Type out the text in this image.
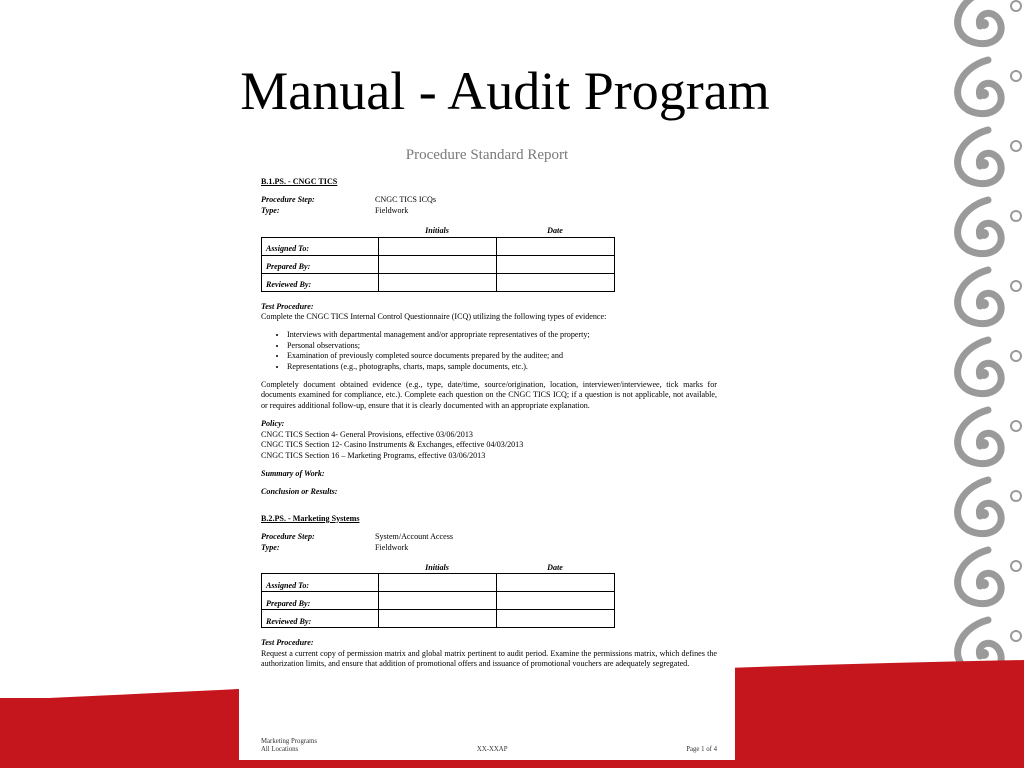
Manual - Audit Program
Procedure Standard Report
B.1.PS. - CNGC TICS
Procedure Step:	CNGC TICS ICQs
Type:	Fieldwork
Initials	Date
Assigned To:		
Prepared By:		
Reviewed By:		
Test Procedure:
Complete the CNGC TICS Internal Control Questionnaire (ICQ) utilizing the following types of evidence:
• Interviews with departmental management and/or appropriate representatives of the property;
• Personal observations;
• Examination of previously completed source documents prepared by the auditee; and
• Representations (e.g., photographs, charts, maps, sample documents, etc.).
Completely document obtained evidence (e.g., type, date/time, source/origination, location, interviewer/interviewee, tick marks for documents examined for compliance, etc.). Complete each question on the CNGC TICS ICQ; if a question is not applicable, not available, or requires additional follow-up, ensure that it is clearly documented with an appropriate explanation.
Policy:
CNGC TICS Section 4- General Provisions, effective 03/06/2013
CNGC TICS Section 12- Casino Instruments & Exchanges, effective 04/03/2013
CNGC TICS Section 16 – Marketing Programs, effective 03/06/2013
Summary of Work:
Conclusion or Results:
B.2.PS. - Marketing Systems
Procedure Step:	System/Account Access
Type:	Fieldwork
Initials	Date
Assigned To:		
Prepared By:		
Reviewed By:		
Test Procedure:
Request a current copy of permission matrix and global matrix pertinent to audit period. Examine the permissions matrix, which defines the authorization limits, and ensure that addition of promotional offers and issuance of promotional vouchers are adequately segregated.
Marketing Programs
All Locations	XX-XXAP	Page 1 of 4
